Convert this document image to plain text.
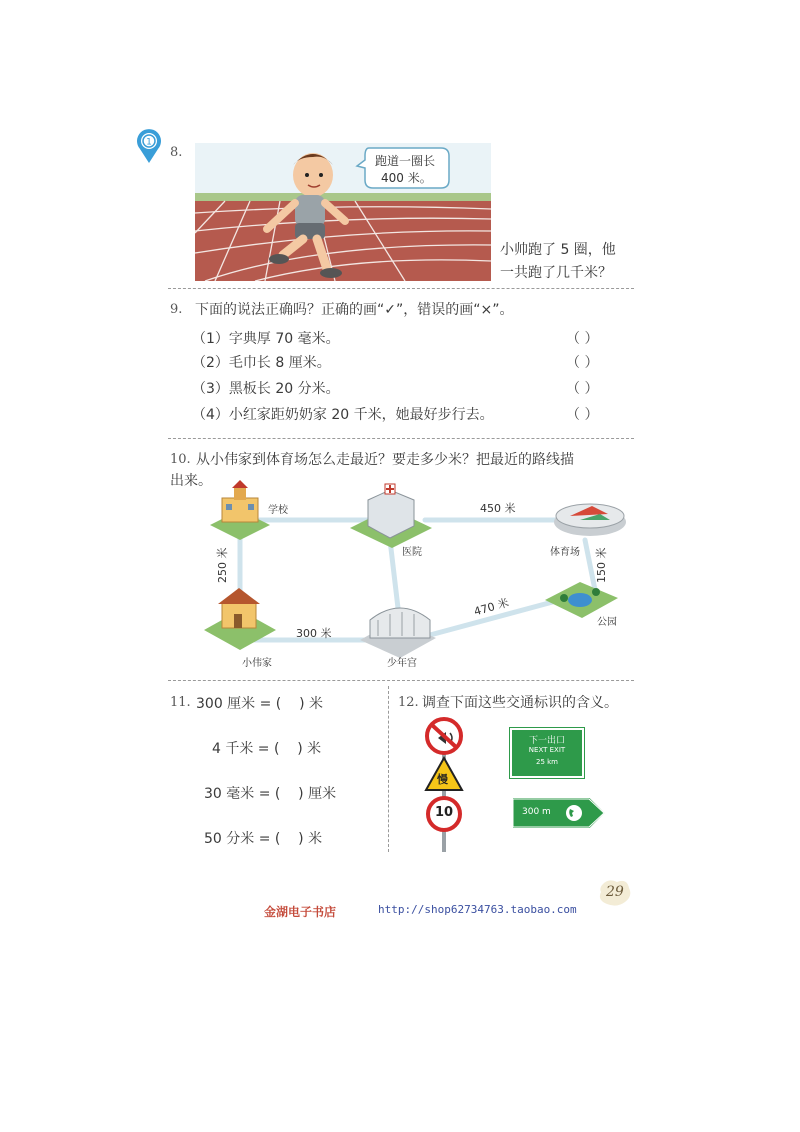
1
8.
跑道一圈长
400 米。
小帅跑了 5 圈，他
一共跑了几千米？
9. 下面的说法正确吗？正确的画“✓”，错误的画“×”。
（1）字典厚 70 毫米。	（ ）
（2）毛巾长 8 厘米。	（ ）
（3）黑板长 20 分米。	（ ）
（4）小红家距奶奶家 20 千米，她最好步行去。	（ ）
10. 从小伟家到体育场怎么走最近？要走多少米？把最近的路线描
出来。
学校
医院	体育场
公园
小伟家	少年宫
450 米
250 米	150 米
300 米
470 米
11. 300 厘米 = (    ) 米
4 千米 = (    ) 米
30 毫米 = (    ) 厘米
50 分米 = (    ) 米
12. 调查下面这些交通标识的含义。
慢
10
下一出口
NEXT EXIT
25 km
300 m
金湖电子书店	http://shop62734763.taobao.com
29
